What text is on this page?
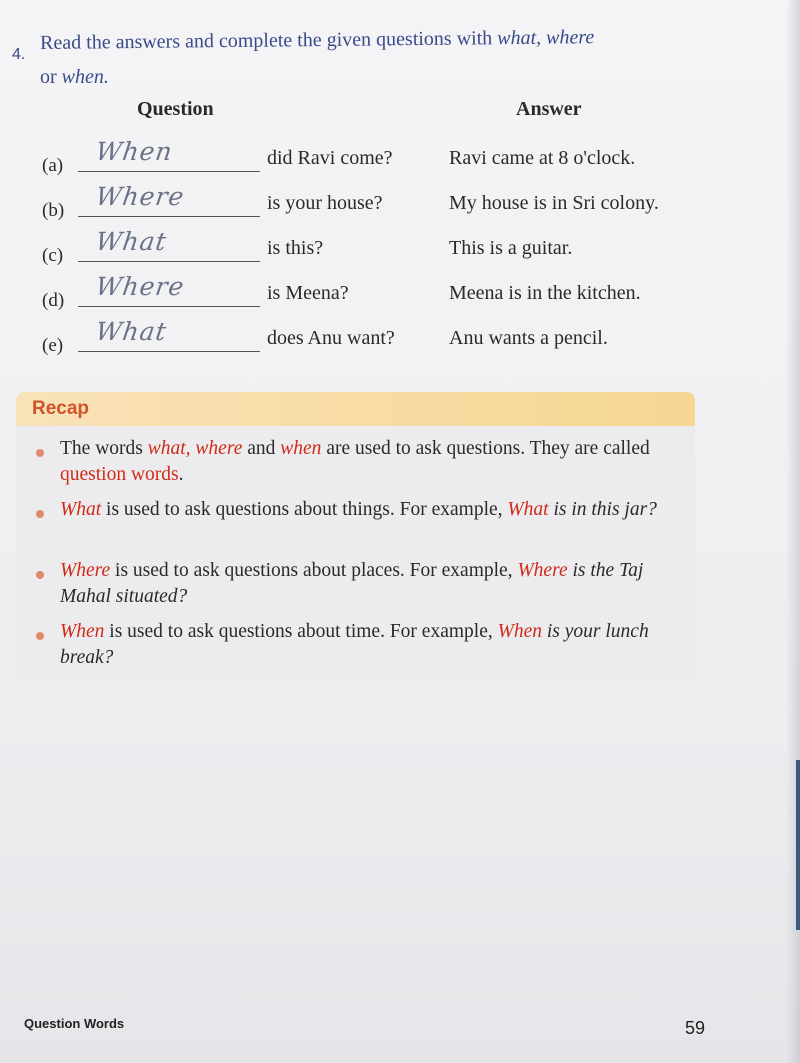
4.
Read the answers and complete the given questions with what, where
or when.
Question	Answer
(a) When	did Ravi come?	Ravi came at 8 o'clock.
(b) Where	is your house?	My house is in Sri colony.
(c) What	is this?	This is a guitar.
(d) Where	is Meena?	Meena is in the kitchen.
(e) What	does Anu want?	Anu wants a pencil.
Recap
The words what, where and when are used to ask questions. They are called question words.
What is used to ask questions about things. For example, What is in this jar?
Where is used to ask questions about places. For example, Where is the Taj Mahal situated?
When is used to ask questions about time. For example, When is your lunch break?
Question Words	59
